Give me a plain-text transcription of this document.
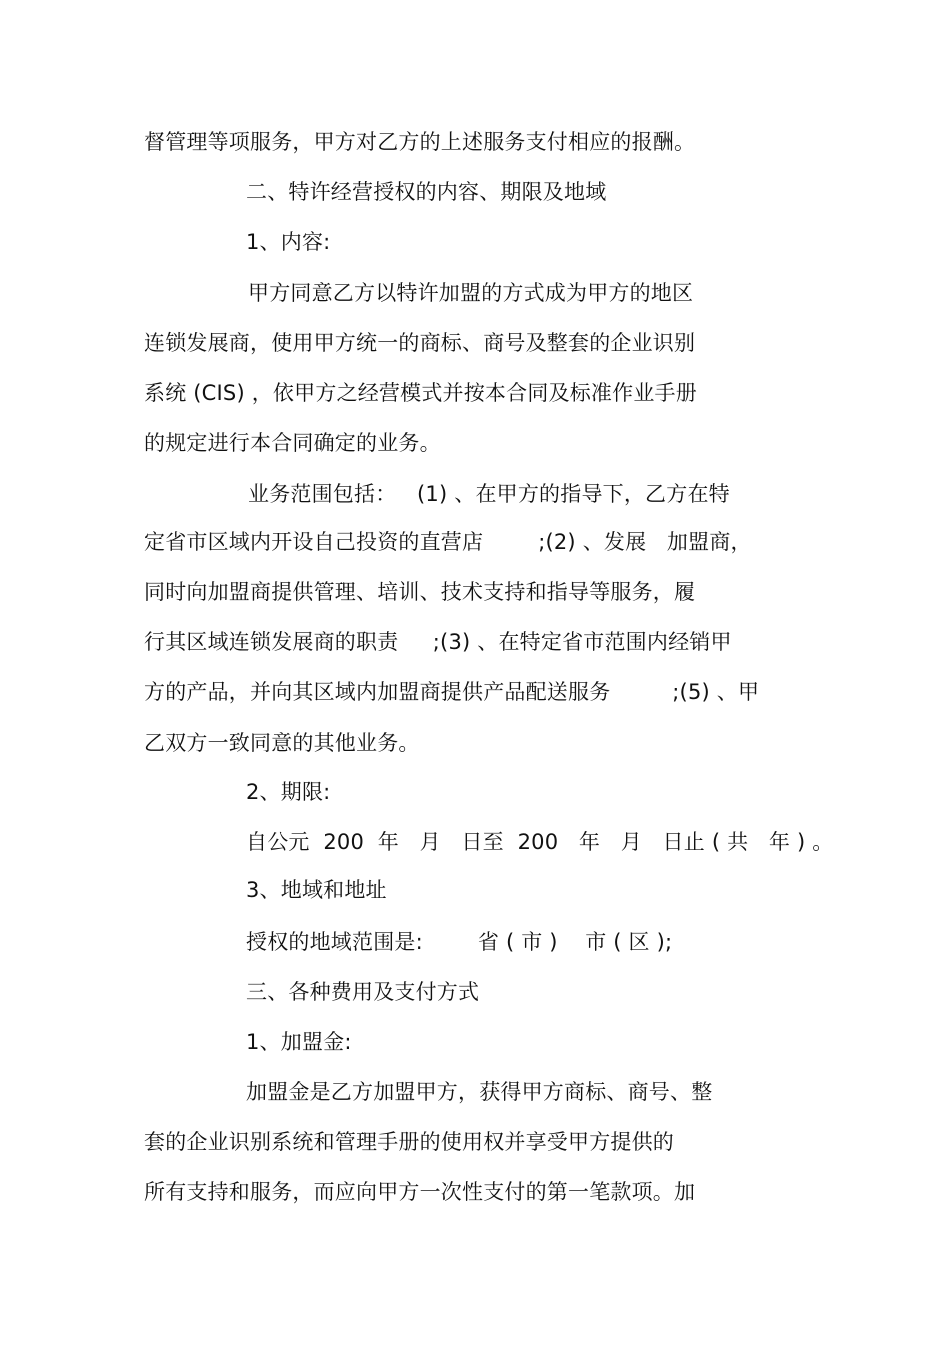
督管理等项服务，甲方对乙方的上述服务支付相应的报酬。
二、特许经营授权的内容、期限及地域
1、内容:
甲方同意乙方以特许加盟的方式成为甲方的地区
连锁发展商，使用甲方统一的商标、商号及整套的企业识别
系统 (CIS) ，依甲方之经营模式并按本合同及标准作业手册
的规定进行本合同确定的业务。
业务范围包括：   (1) 、在甲方的指导下，乙方在特
定省市区域内开设自己投资的直营店        ;(2) 、发展   加盟商，
同时向加盟商提供管理、培训、技术支持和指导等服务，履
行其区域连锁发展商的职责     ;(3) 、在特定省市范围内经销甲
方的产品，并向其区域内加盟商提供产品配送服务         ;(5) 、甲
乙双方一致同意的其他业务。
2、期限:
自公元  200  年   月   日至  200   年   月   日止 ( 共   年 ) 。
3、地域和地址
授权的地域范围是:        省 ( 市 )    市 ( 区 );
三、各种费用及支付方式
1、加盟金:
加盟金是乙方加盟甲方，获得甲方商标、商号、整
套的企业识别系统和管理手册的使用权并享受甲方提供的
所有支持和服务，而应向甲方一次性支付的第一笔款项。加
